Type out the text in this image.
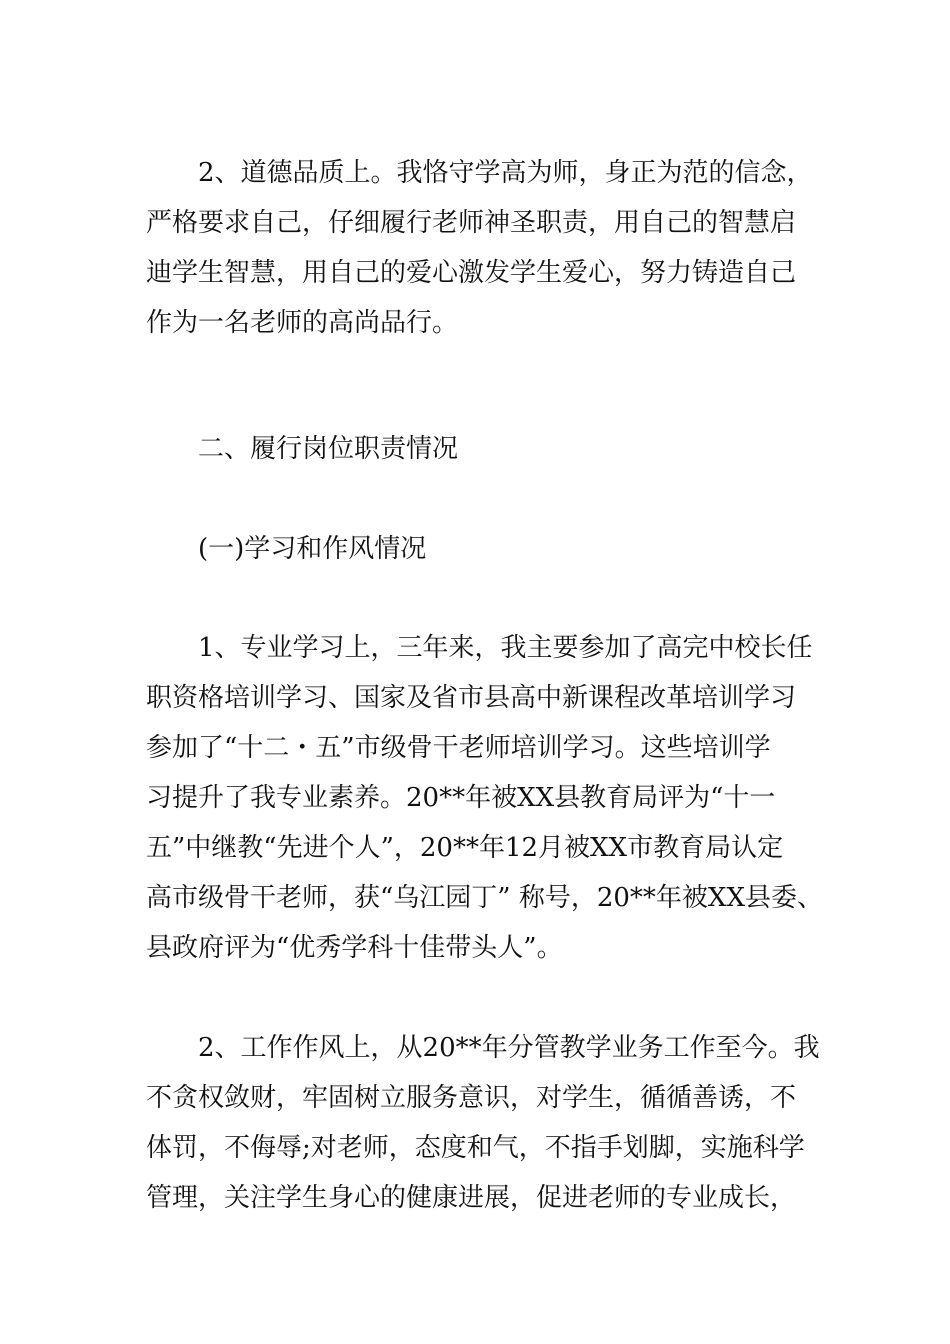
2、道德品质上。我恪守学高为师，身正为范的信念，
严格要求自己，仔细履行老师神圣职责，用自己的智慧启
迪学生智慧，用自己的爱心激发学生爱心，努力铸造自己
作为一名老师的高尚品行。
二、履行岗位职责情况
(一)学习和作风情况
1、专业学习上，三年来，我主要参加了高完中校长任
职资格培训学习、国家及省市县高中新课程改革培训学习
参加了“十二・五”市级骨干老师培训学习。这些培训学
习提升了我专业素养。20**年被XX县教育局评为“十一
五”中继教“先进个人”，20**年12月被XX市教育局认定
高市级骨干老师，获“乌江园丁” 称号，20**年被XX县委、
县政府评为“优秀学科十佳带头人”。
2、工作作风上，从20**年分管教学业务工作至今。我
不贪权敛财，牢固树立服务意识，对学生，循循善诱，不
体罚，不侮辱;对老师，态度和气，不指手划脚，实施科学
管理，关注学生身心的健康进展，促进老师的专业成长，
